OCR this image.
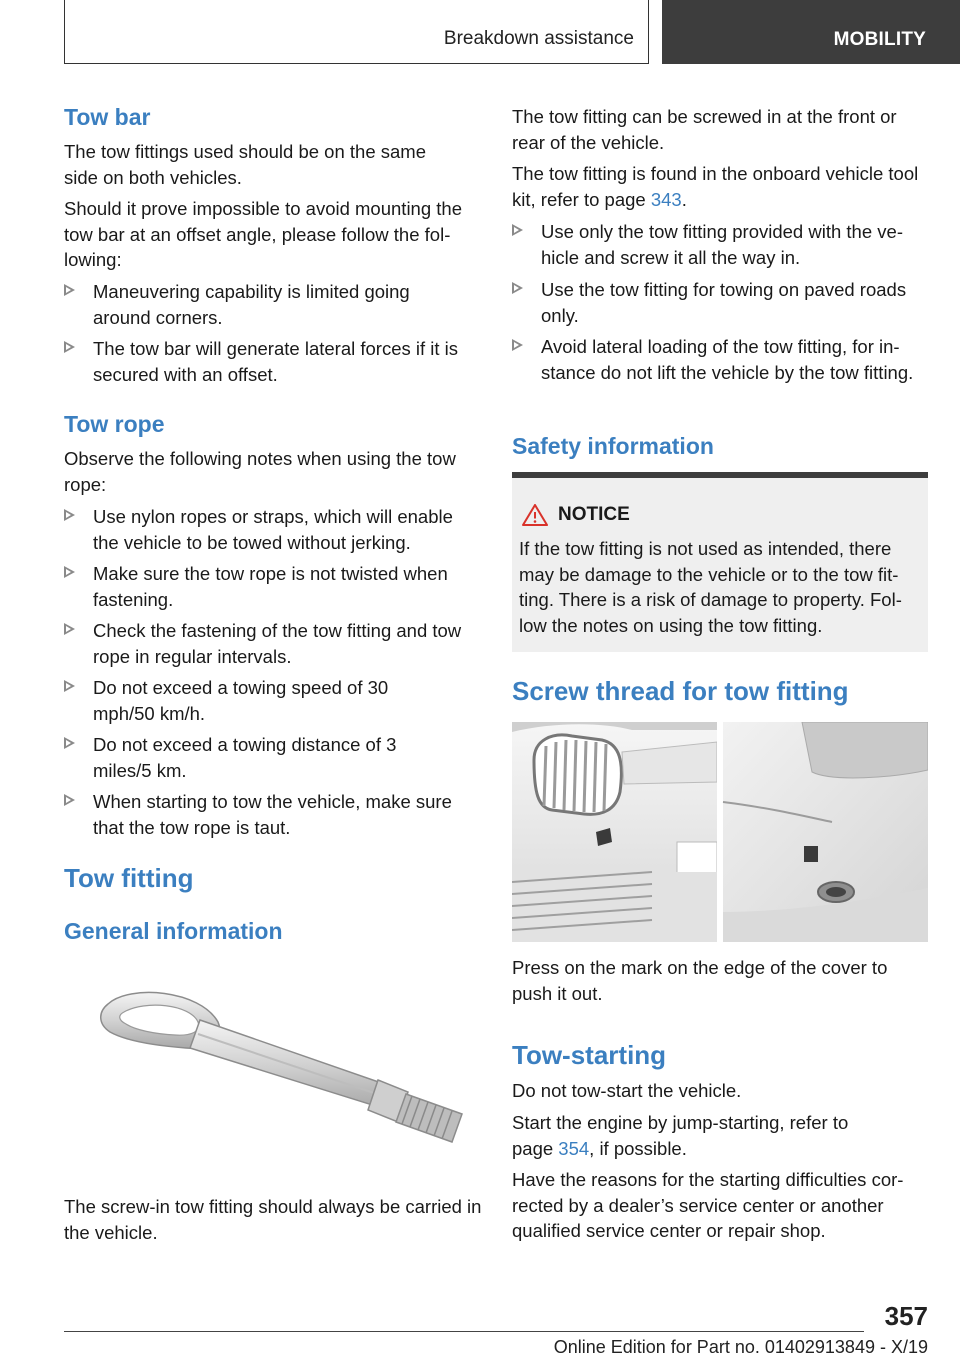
Breakdown assistance	MOBILITY
Tow bar

The tow fittings used should be on the same side on both vehicles.

Should it prove impossible to avoid mounting the tow bar at an offset angle, please follow the following:

Maneuvering capability is limited going around corners.
The tow bar will generate lateral forces if it is secured with an offset.
Tow rope

Observe the following notes when using the tow rope:

Use nylon ropes or straps, which will enable the vehicle to be towed without jerking.
Make sure the tow rope is not twisted when fastening.
Check the fastening of the tow fitting and tow rope in regular intervals.
Do not exceed a towing speed of 30 mph/50 km/h.
Do not exceed a towing distance of 3 miles/5 km.
When starting to tow the vehicle, make sure that the tow rope is taut.
Tow fitting
General information

The screw-in tow fitting should always be carried in the vehicle.

The tow fitting can be screwed in at the front or rear of the vehicle.

The tow fitting is found in the onboard vehicle tool kit, refer to page 343.

Use only the tow fitting provided with the vehicle and screw it all the way in.
Use the tow fitting for towing on paved roads only.
Avoid lateral loading of the tow fitting, for instance do not lift the vehicle by the tow fitting.
Safety information
NOTICE

If the tow fitting is not used as intended, there may be damage to the vehicle or to the tow fitting. There is a risk of damage to property. Follow the notes on using the tow fitting.

Screw thread for tow fitting

Press on the mark on the edge of the cover to push it out.

Tow-starting

Do not tow-start the vehicle.

Start the engine by jump-starting, refer to page 354, if possible.

Have the reasons for the starting difficulties corrected by a dealer’s service center or another qualified service center or repair shop.

357
Online Edition for Part no. 01402913849 - X/19
